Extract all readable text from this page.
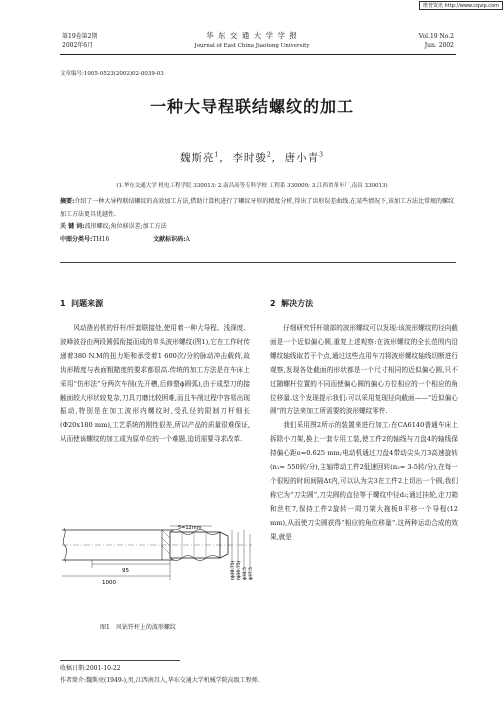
维普资讯 http://www.cqvip.com
第19卷第2期
2002年6月
华 东 交 通 大 学 学 报
Journal of East China Jiaotong University
Vol.19 No.2
Jun. 2002
文章编号:1005-0523(2002)02-0039-03
一种大导程联结螺纹的加工
魏斯亮$^1$,  李时骏$^2$,  唐小青$^3$
(1.华东交通大学 机电工程学院 330013; 2.南昌高等专科学校 工程系 330009; 3.江西省革车厂,南昌 330013)
摘要:介绍了一种大导程联结螺纹的高效加工方法,借助计算机进行了螺纹牙形的精度分析,得出了齿形误差曲线.在某些情况下,该加工方法比常规的螺纹加工方法更具优越性.
关 键 词:波形螺纹;角位移误差;加工方法
中图分类号:TH16	文献标识码:A
1 问题来源	2 解决方法

风动凿岩机的钎杆/钎套联接处,使用着一种大导程、浅深度、波峰波谷由两段圆弧衔接而成的单头波形螺纹(图1),它在工作时传递着380 N.M的扭力矩和承受着1 600次/分的脉动冲击载荷,故齿形精度与表面粗糙度的要求都很高.传统的加工方法是在车床上采用“仿形法”分两次车削(先开槽,后修整ϕ圆弧),由于成型刀的接触面较大形状较复杂,刀具刀磨比较困难,而且车削过程中容易出现振动,特别是在加工波形内螺纹时,受孔径的限制刀杆细长(Φ20x180 mm),工艺系统的刚性很差,所以产品的质量很难保证,从而使该螺纹的加工成为原单位的一个难题,迫切需要寻求改革.

95
1000
5=12mm
(ϕ38.75) (ϕ30.75) ϕ34.5 ϕ37.5
图1　风钻钎杆上的波形螺纹

仔细研究钎杆端部的波形螺纹可以发现:该波形螺纹的径向截面是一个近似偏心圆,重复上述观察:在波形螺纹的全长范围内沿螺纹轴线取若干个点,通过这些点用车刀将波形螺纹轴线切断进行观察,发现各处截面的形状都是一个尺寸相同的近似偏心圆,只不过随螺杆位置的不同而使偏心圆的偏心方位相应的一个相应的角位移量.这个发现提示我们:可以采用复现径向截面——“近似偏心圆”的方法来加工所需要的波形螺纹零件.

我们采用图2所示的装置来进行加工:在CA6140普通车床上拆除小刀架,换上一套专用工装,使工件2的轴线与刀盘4的轴线保持偏心距e=0.625 mm;电动机通过刀盘4带动尖头刀3高速旋转(n₁= 550转/分),主轴带动工件2低速回转(n₂= 3-5转/分),在每一个很短的时间间隔Δt内,可以认为尖3在工件2上切出一个圆,我们称它为“刀尖圆”,刀尖圆的直径等于螺纹中径d₂;通过挂轮,走刀箱和丝杠7,保持工件2旋转一周刀架大拖板8平移一个导程(12 mm),从而使刀尖圆获得“相应的角位移量”.这两种运动合成的效果,就是

收稿日期:2001-10-22
作者简介:魏斯亮(1949-),男,江西南昌人,华东交通大学机械学院高级工程师.
